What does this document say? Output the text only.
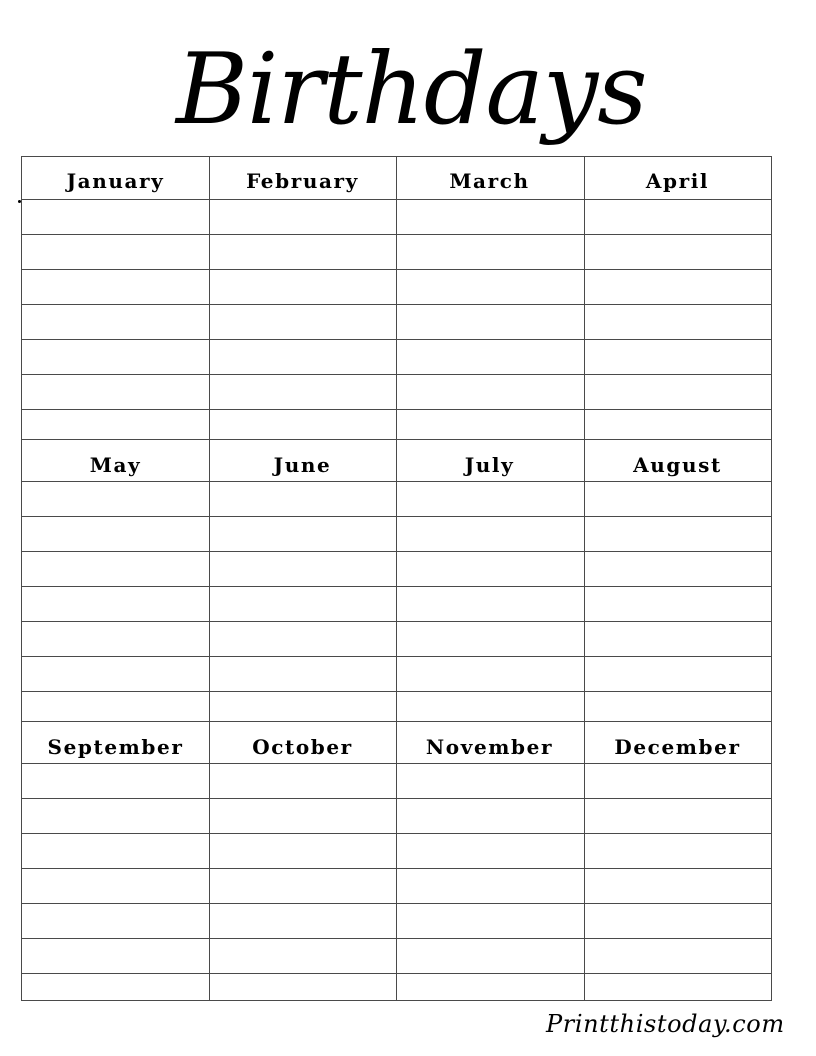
Birthdays
January	February	March	April
May	June	July	August
September	October	November	December
Printthistoday.com
